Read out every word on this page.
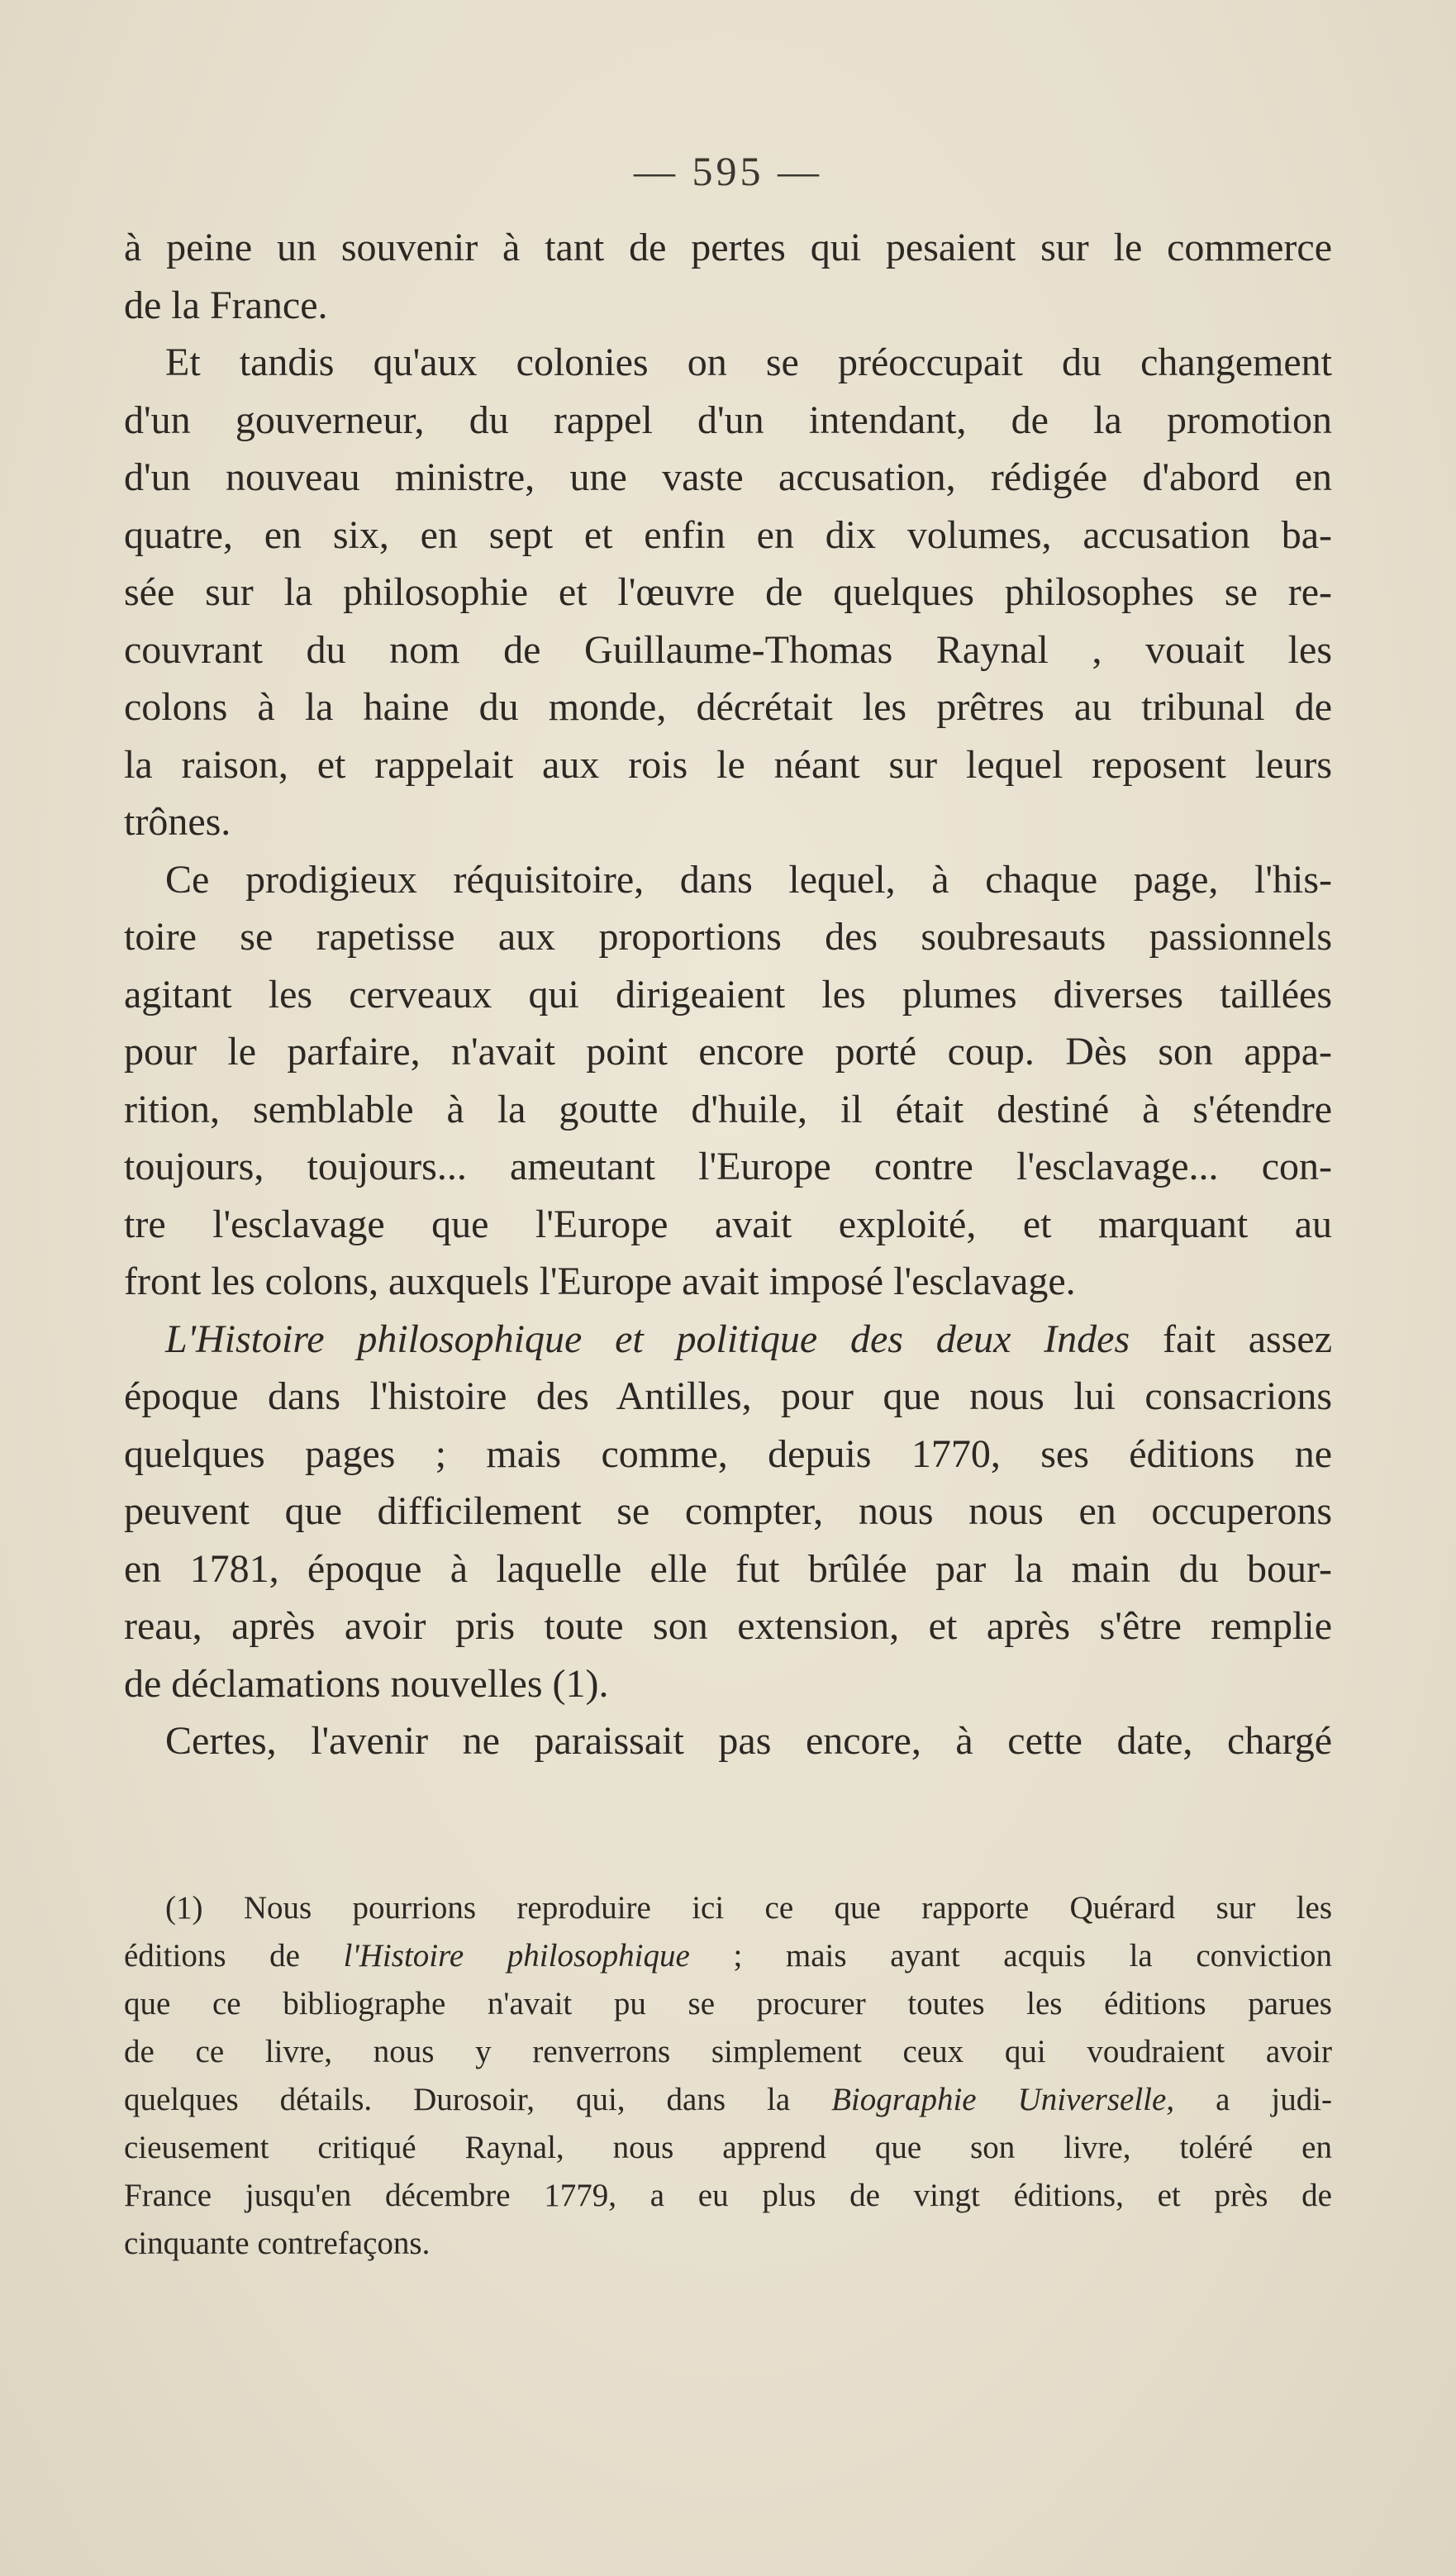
— 595 —
à peine un souvenir à tant de pertes qui pesaient sur le commerce
de la France.
Et tandis qu'aux colonies on se préoccupait du changement
d'un gouverneur, du rappel d'un intendant, de la promotion
d'un nouveau ministre, une vaste accusation, rédigée d'abord en
quatre, en six, en sept et enfin en dix volumes, accusation ba-
sée sur la philosophie et l'œuvre de quelques philosophes se re-
couvrant du nom de Guillaume-Thomas Raynal , vouait les
colons à la haine du monde, décrétait les prêtres au tribunal de
la raison, et rappelait aux rois le néant sur lequel reposent leurs
trônes.
Ce prodigieux réquisitoire, dans lequel, à chaque page, l'his-
toire se rapetisse aux proportions des soubresauts passionnels
agitant les cerveaux qui dirigeaient les plumes diverses taillées
pour le parfaire, n'avait point encore porté coup. Dès son appa-
rition, semblable à la goutte d'huile, il était destiné à s'étendre
toujours, toujours... ameutant l'Europe contre l'esclavage... con-
tre l'esclavage que l'Europe avait exploité, et marquant au
front les colons, auxquels l'Europe avait imposé l'esclavage.
L'Histoire philosophique et politique des deux Indes fait assez
époque dans l'histoire des Antilles, pour que nous lui consacrions
quelques pages ; mais comme, depuis 1770, ses éditions ne
peuvent que difficilement se compter, nous nous en occuperons
en 1781, époque à laquelle elle fut brûlée par la main du bour-
reau, après avoir pris toute son extension, et après s'être remplie
de déclamations nouvelles (1).
Certes, l'avenir ne paraissait pas encore, à cette date, chargé
(1) Nous pourrions reproduire ici ce que rapporte Quérard sur les
éditions de l'Histoire philosophique ; mais ayant acquis la conviction
que ce bibliographe n'avait pu se procurer toutes les éditions parues
de ce livre, nous y renverrons simplement ceux qui voudraient avoir
quelques détails. Durosoir, qui, dans la Biographie Universelle, a judi-
cieusement critiqué Raynal, nous apprend que son livre, toléré en
France jusqu'en décembre 1779, a eu plus de vingt éditions, et près de
cinquante contrefaçons.
